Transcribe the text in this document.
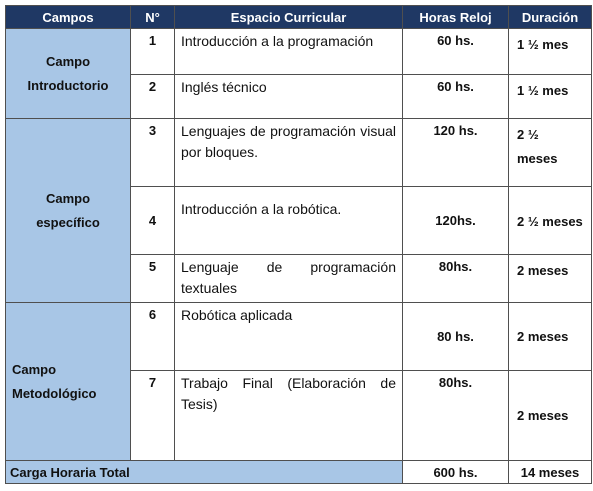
Campos	N°	Espacio Curricular	Horas Reloj	Duración

Campo
Introductorio	1	Introducción a la programación	60 hs.	1 ½ mes
	2	Inglés técnico	60 hs.	1 ½ mes

Campo
específico	3	Lenguajes de programación visual por bloques.	120 hs.	2 ½ meses
	4	Introducción a la robótica.	120hs.	2 ½ meses
	5	Lenguaje de programación textuales	80hs.	2 meses

Campo
Metodológico	6	Robótica aplicada	80 hs.	2 meses
	7	Trabajo Final (Elaboración de Tesis)	80hs.	2 meses
Carga Horaria Total			600 hs.	14 meses
